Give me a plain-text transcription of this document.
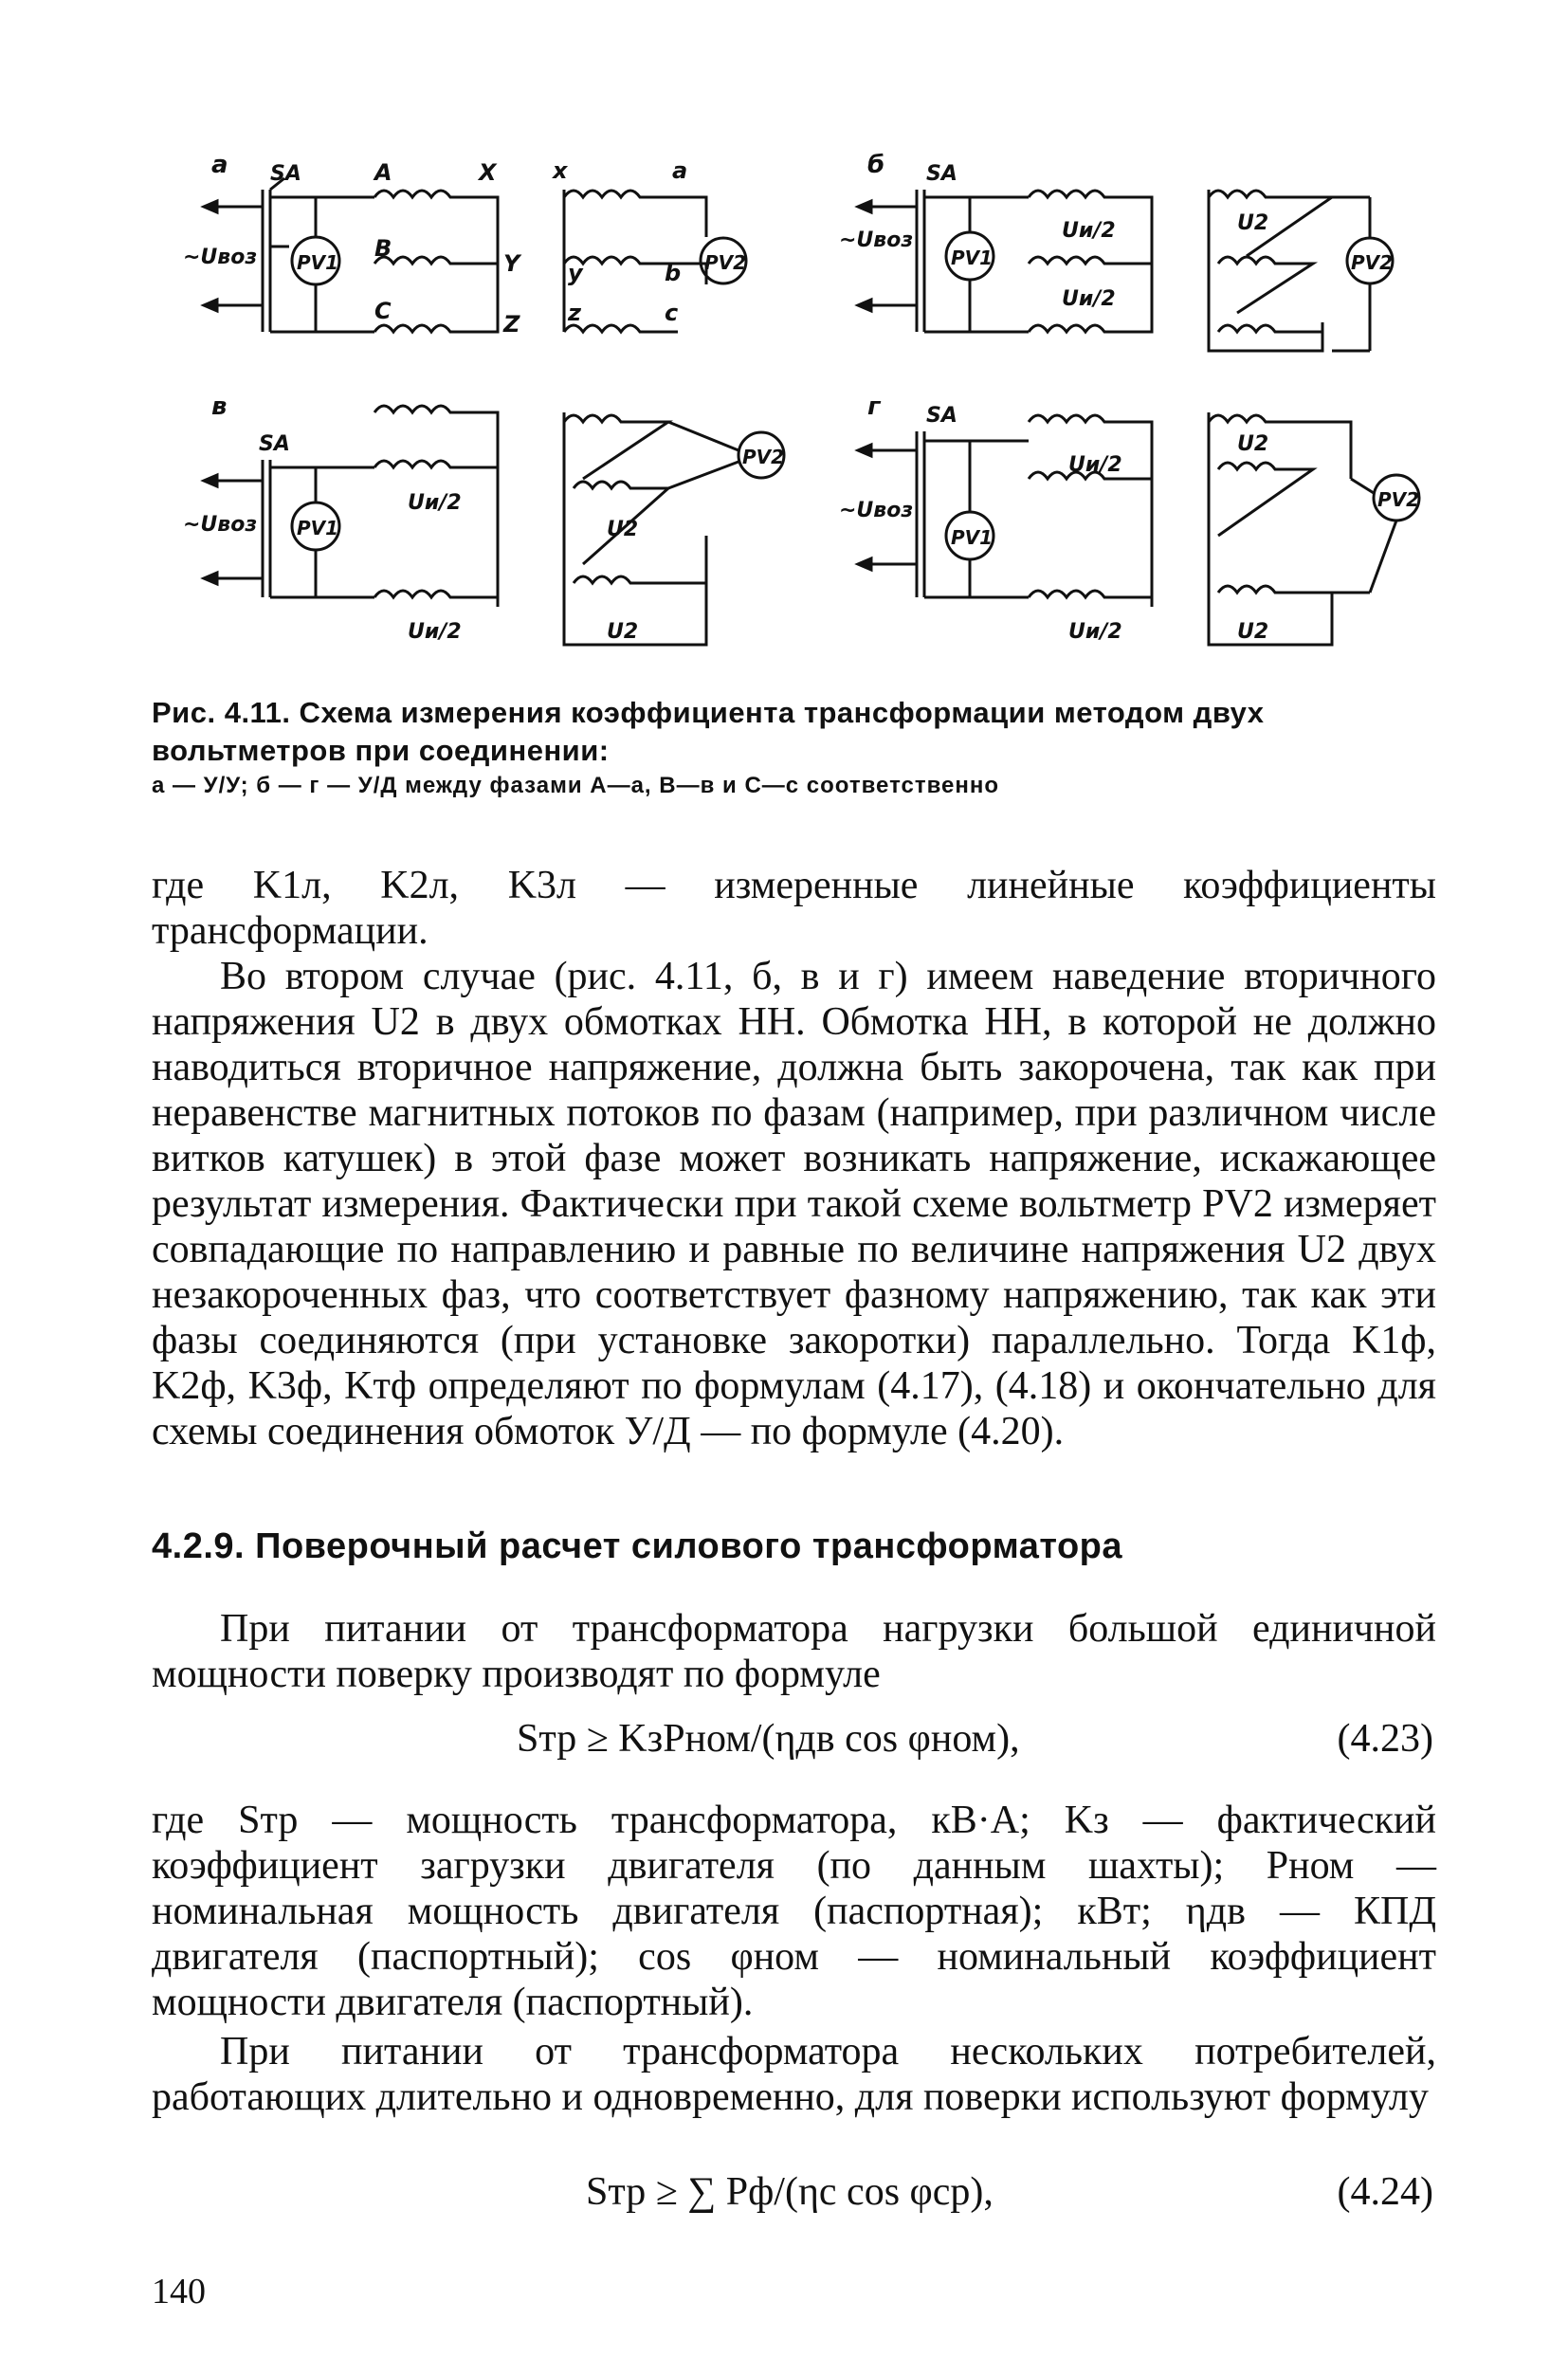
а SA
~Uвоз PV1
A	X
B
Y
C	Z
x	a
y	b
z	c
PV2
б SA
~Uвоз
PV1
Uи/2
Uи/2
U2
PV2
в
SA
~Uвоз PV1
Uи/2
Uи/2
U2
U2
PV2
г SA
~Uвоз
PV1
Uи/2
Uи/2
U2
U2
PV2
Рис. 4.11. Схема измерения коэффициента трансформации методом двух вольтметров при соединении:
а — У/У; б — г — У/Д между фазами А—а, В—в и С—с соответственно

где K1л, K2л, K3л — измеренные линейные коэффициенты трансформации.

Во втором случае (рис. 4.11, б, в и г) имеем наведение вторичного напряжения U2 в двух обмотках НН. Обмотка НН, в которой не должно наводиться вторичное напряжение, должна быть закорочена, так как при неравенстве магнитных потоков по фазам (например, при различном числе витков катушек) в этой фазе может возникать напряжение, искажающее результат измерения. Фактически при такой схеме вольтметр PV2 измеряет совпадающие по направлению и равные по величине напряжения U2 двух незакороченных фаз, что соответствует фазному напряжению, так как эти фазы соединяются (при установке закоротки) параллельно. Тогда K1ф, K2ф, K3ф, Kтф определяют по формулам (4.17), (4.18) и окончательно для схемы соединения обмоток У/Д — по формуле (4.20).

4.2.9. Поверочный расчет силового трансформатора

При питании от трансформатора нагрузки большой единичной мощности поверку производят по формуле

Sтр ≥ KзPном/(ηдв cos φном),	(4.23)

где Sтр — мощность трансформатора, кВ·А; Kз — фактический коэффициент загрузки двигателя (по данным шахты); Pном — номинальная мощность двигателя (паспортная); кВт; ηдв — КПД двигателя (паспортный); cos φном — номинальный коэффициент мощности двигателя (паспортный).

При питании от трансформатора нескольких потребителей, работающих длительно и одновременно, для поверки используют формулу

Sтр ≥ ∑ Pф/(ηc cos φср),	(4.24)
140
